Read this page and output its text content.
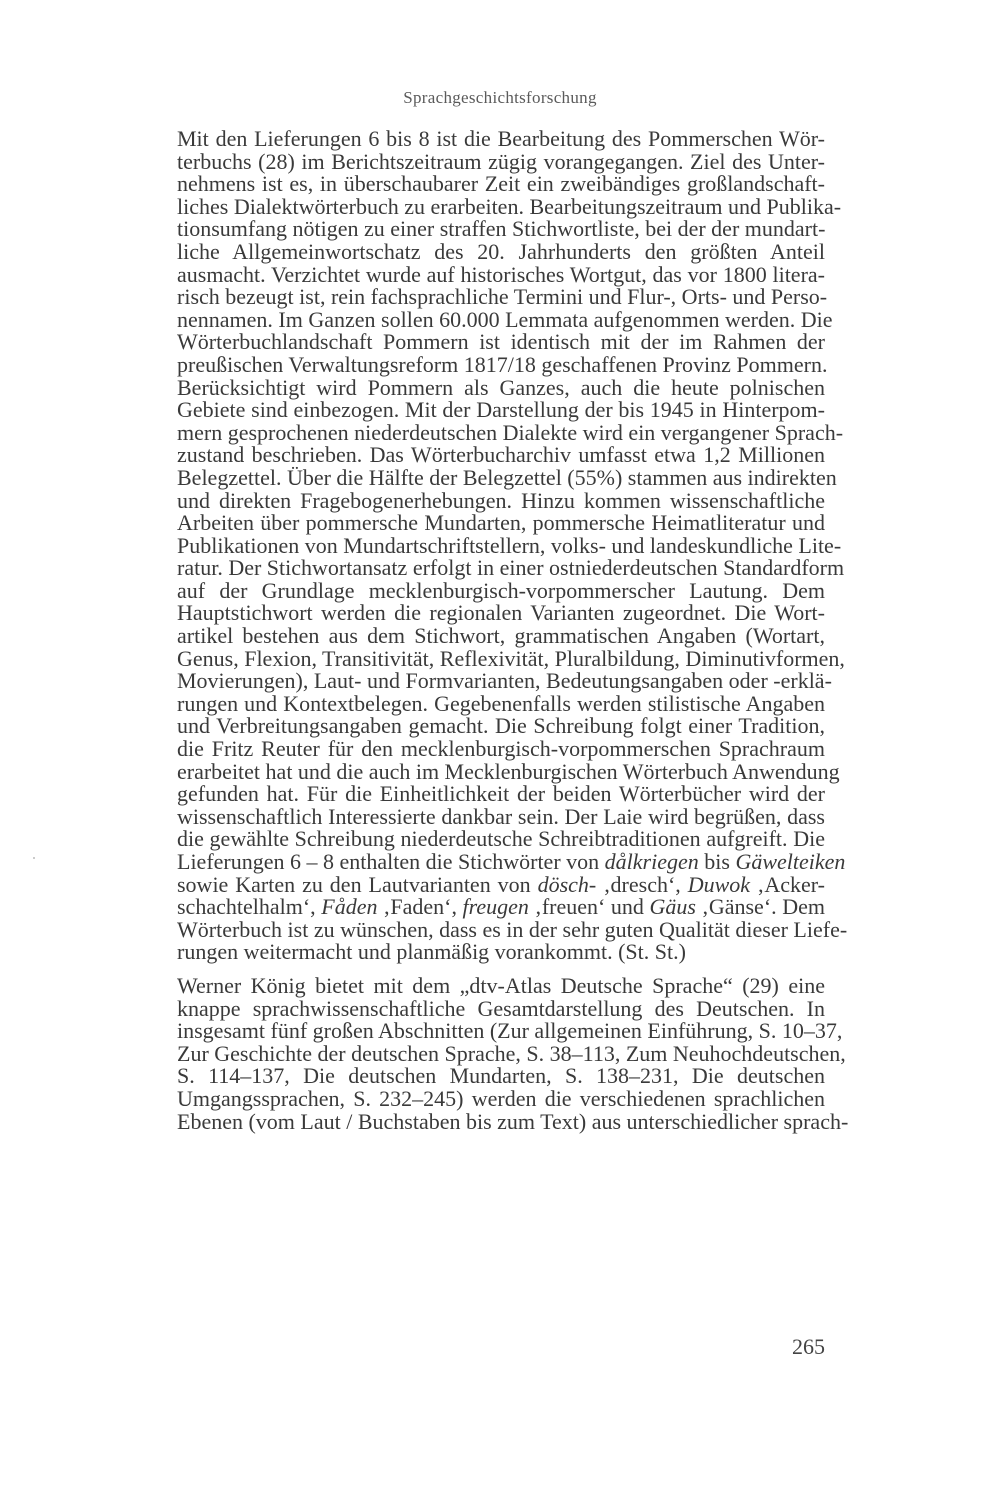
Sprachgeschichtsforschung
Mit den Lieferungen 6 bis 8 ist die Bearbeitung des Pommerschen Wör-
terbuchs (28) im Berichtszeitraum zügig vorangegangen. Ziel des Unter-
nehmens ist es, in überschaubarer Zeit ein zweibändiges großlandschaft-
liches Dialektwörterbuch zu erarbeiten. Bearbeitungszeitraum und Publika-
tionsumfang nötigen zu einer straffen Stichwortliste, bei der der mundart-
liche Allgemeinwortschatz des 20. Jahrhunderts den größten Anteil
ausmacht. Verzichtet wurde auf historisches Wortgut, das vor 1800 litera-
risch bezeugt ist, rein fachsprachliche Termini und Flur-, Orts- und Perso-
nennamen. Im Ganzen sollen 60.000 Lemmata aufgenommen werden. Die
Wörterbuchlandschaft Pommern ist identisch mit der im Rahmen der
preußischen Verwaltungsreform 1817/18 geschaffenen Provinz Pommern.
Berücksichtigt wird Pommern als Ganzes, auch die heute polnischen
Gebiete sind einbezogen. Mit der Darstellung der bis 1945 in Hinterpom-
mern gesprochenen niederdeutschen Dialekte wird ein vergangener Sprach-
zustand beschrieben. Das Wörterbucharchiv umfasst etwa 1,2 Millionen
Belegzettel. Über die Hälfte der Belegzettel (55%) stammen aus indirekten
und direkten Fragebogenerhebungen. Hinzu kommen wissenschaftliche
Arbeiten über pommersche Mundarten, pommersche Heimatliteratur und
Publikationen von Mundartschriftstellern, volks- und landeskundliche Lite-
ratur. Der Stichwortansatz erfolgt in einer ostniederdeutschen Standardform
auf der Grundlage mecklenburgisch-vorpommerscher Lautung. Dem
Hauptstichwort werden die regionalen Varianten zugeordnet. Die Wort-
artikel bestehen aus dem Stichwort, grammatischen Angaben (Wortart,
Genus, Flexion, Transitivität, Reflexivität, Pluralbildung, Diminutivformen,
Movierungen), Laut- und Formvarianten, Bedeutungsangaben oder -erklä-
rungen und Kontextbelegen. Gegebenenfalls werden stilistische Angaben
und Verbreitungsangaben gemacht. Die Schreibung folgt einer Tradition,
die Fritz Reuter für den mecklenburgisch-vorpommerschen Sprachraum
erarbeitet hat und die auch im Mecklenburgischen Wörterbuch Anwendung
gefunden hat. Für die Einheitlichkeit der beiden Wörterbücher wird der
wissenschaftlich Interessierte dankbar sein. Der Laie wird begrüßen, dass
die gewählte Schreibung niederdeutsche Schreibtraditionen aufgreift. Die
Lieferungen 6 – 8 enthalten die Stichwörter von dålkriegen bis Gäwelteiken
sowie Karten zu den Lautvarianten von dösch- ‚dresch‘, Duwok ‚Acker-
schachtelhalm‘, Fåden ‚Faden‘, freugen ‚freuen‘ und Gäus ‚Gänse‘. Dem
Wörterbuch ist zu wünschen, dass es in der sehr guten Qualität dieser Liefe-
rungen weitermacht und planmäßig vorankommt. (St. St.)
Werner König bietet mit dem „dtv-Atlas Deutsche Sprache“ (29) eine
knappe sprachwissenschaftliche Gesamtdarstellung des Deutschen. In
insgesamt fünf großen Abschnitten (Zur allgemeinen Einführung, S. 10–37,
Zur Geschichte der deutschen Sprache, S. 38–113, Zum Neuhochdeutschen,
S. 114–137, Die deutschen Mundarten, S. 138–231, Die deutschen
Umgangssprachen, S. 232–245) werden die verschiedenen sprachlichen
Ebenen (vom Laut / Buchstaben bis zum Text) aus unterschiedlicher sprach-
265
